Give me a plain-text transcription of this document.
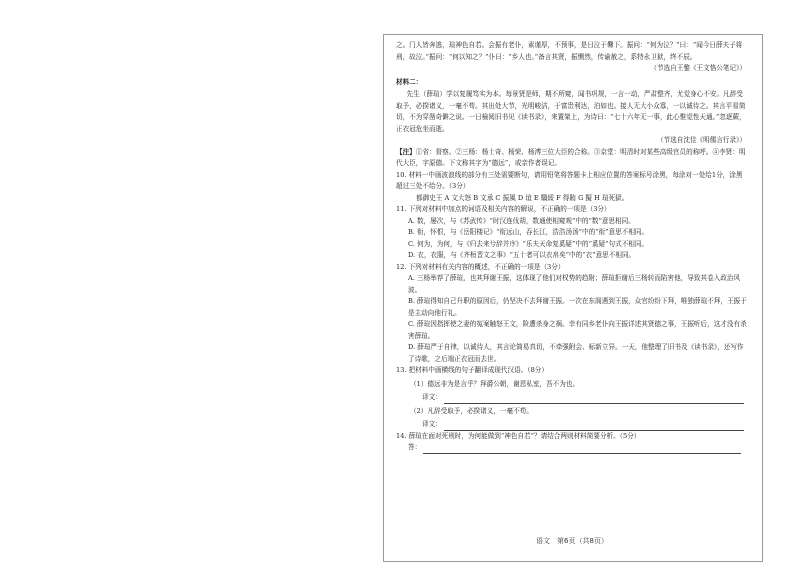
之。门人皆奔逃，瑄神色自若。会振有老仆，素谨厚，不预事，是日泣于爨下。振问：“何为泣？”曰：“闻今日薛夫子将刑，故泣。”振问：“何以知之？”仆曰：“乡人也。”备言其贤，振恻然，传谕赦之，系特永卫狱，终不辰。

（节选自王鏊《王文恪公笔记》）

材料二：

先生（薛瑄）学以复履笃实为本。每景贤是师，期不所窥，闻书巩规，一言一动，严肃整齐，尤觉身心不安。凡辞受取予，必揆诸义，一毫不苟。其出处大节，光明峻洁，于富贵利达，泊如也。接人无大小众寡，一以诚待之。其言平易简切，不为穿凿奇僻之说。一日檢阅旧书见《读书录》，来置架上，为诗曰：“七十六年无一事，此心惟觉性天通。”忽逐蕨，正衣冠危坐而逝。

（节选自沈佳《明儒言行录》）

【注】①省：督察。②三杨：杨士奇、杨荣、杨溥三位大臣的合称。③京堂：明清时对某些高级官员的称呼。④李贤：明代大臣，字原德。下文称其字为“德远”，或亲作者误记。

10. 材料一中画波浪线的部分有三处需要断句，请用铅笔将答题卡上相应位置的答案标号涂黑，每涂对一处给1分，涂黑超过三处不给分。（3分）

都御史王 A 文大怒 B 文承 C 振風 D 谊 E 騶綏 F 得賄 G 擬 H 瑄死獄。

11. 下列对材料中加点的词语及相关内容的解说，不正确的一项是（3分）

A. 数，屡次，与《苏武传》“时汉连伐胡，数通使相窥观”中的“数”意思相同。

B. 衔，怀恨，与《岳阳楼记》“衔远山，吞长江，浩浩汤汤”中的“衔”意思不相同。

C. 何为，为何，与《归去来兮辞并序》“乐夫天命复奚疑”中的“奚疑”句式不相同。

D. 衣，衣服，与《齐桓晋文之事》“五十者可以衣帛矣”中的“衣”意思不相同。

12. 下列对材料有关内容的概述，不正确的一项是（3分）

A. 三杨举荐了薛瑄，也其拜谢王振，这体现了他们对权势的趋附；薛瑄拒谢后三杨转而陷害他，导致其卷入政治风波。

B. 薛瑄得知自己升职的原因后，仍坚决不去拜谢王振。一次在东阁遇到王振，众官纷纷下拜，唯独薛瑄不拜，王振于是主动向他行礼。

C. 薛瑄因指挥使之妻的冤案触怒王文，险遭杀身之祸。幸有同乡老仆向王振详述其贤德之事，王振听后，这才没有杀害薛瑄。

D. 薛瑄严于自律，以诚待人，其言论简易真切，不牵强附会、标新立异。一天，他整理了旧书及《读书录》，还写作了诗歌，之后端正衣冠而去世。

13. 把材料中画横线的句子翻译成现代汉语。（8分）

（1）德远非为是言乎？拜爵公朝，谢恩私室，吾不为也。

译文：

（2）凡辞受取予，必揆诸义，一毫不苟。

译文：

14. 薛瑄在面对死刑时，为何能做到“神色自若”？请结合两则材料简要分析。（5分）

答：

语文　第6页（共8页）
